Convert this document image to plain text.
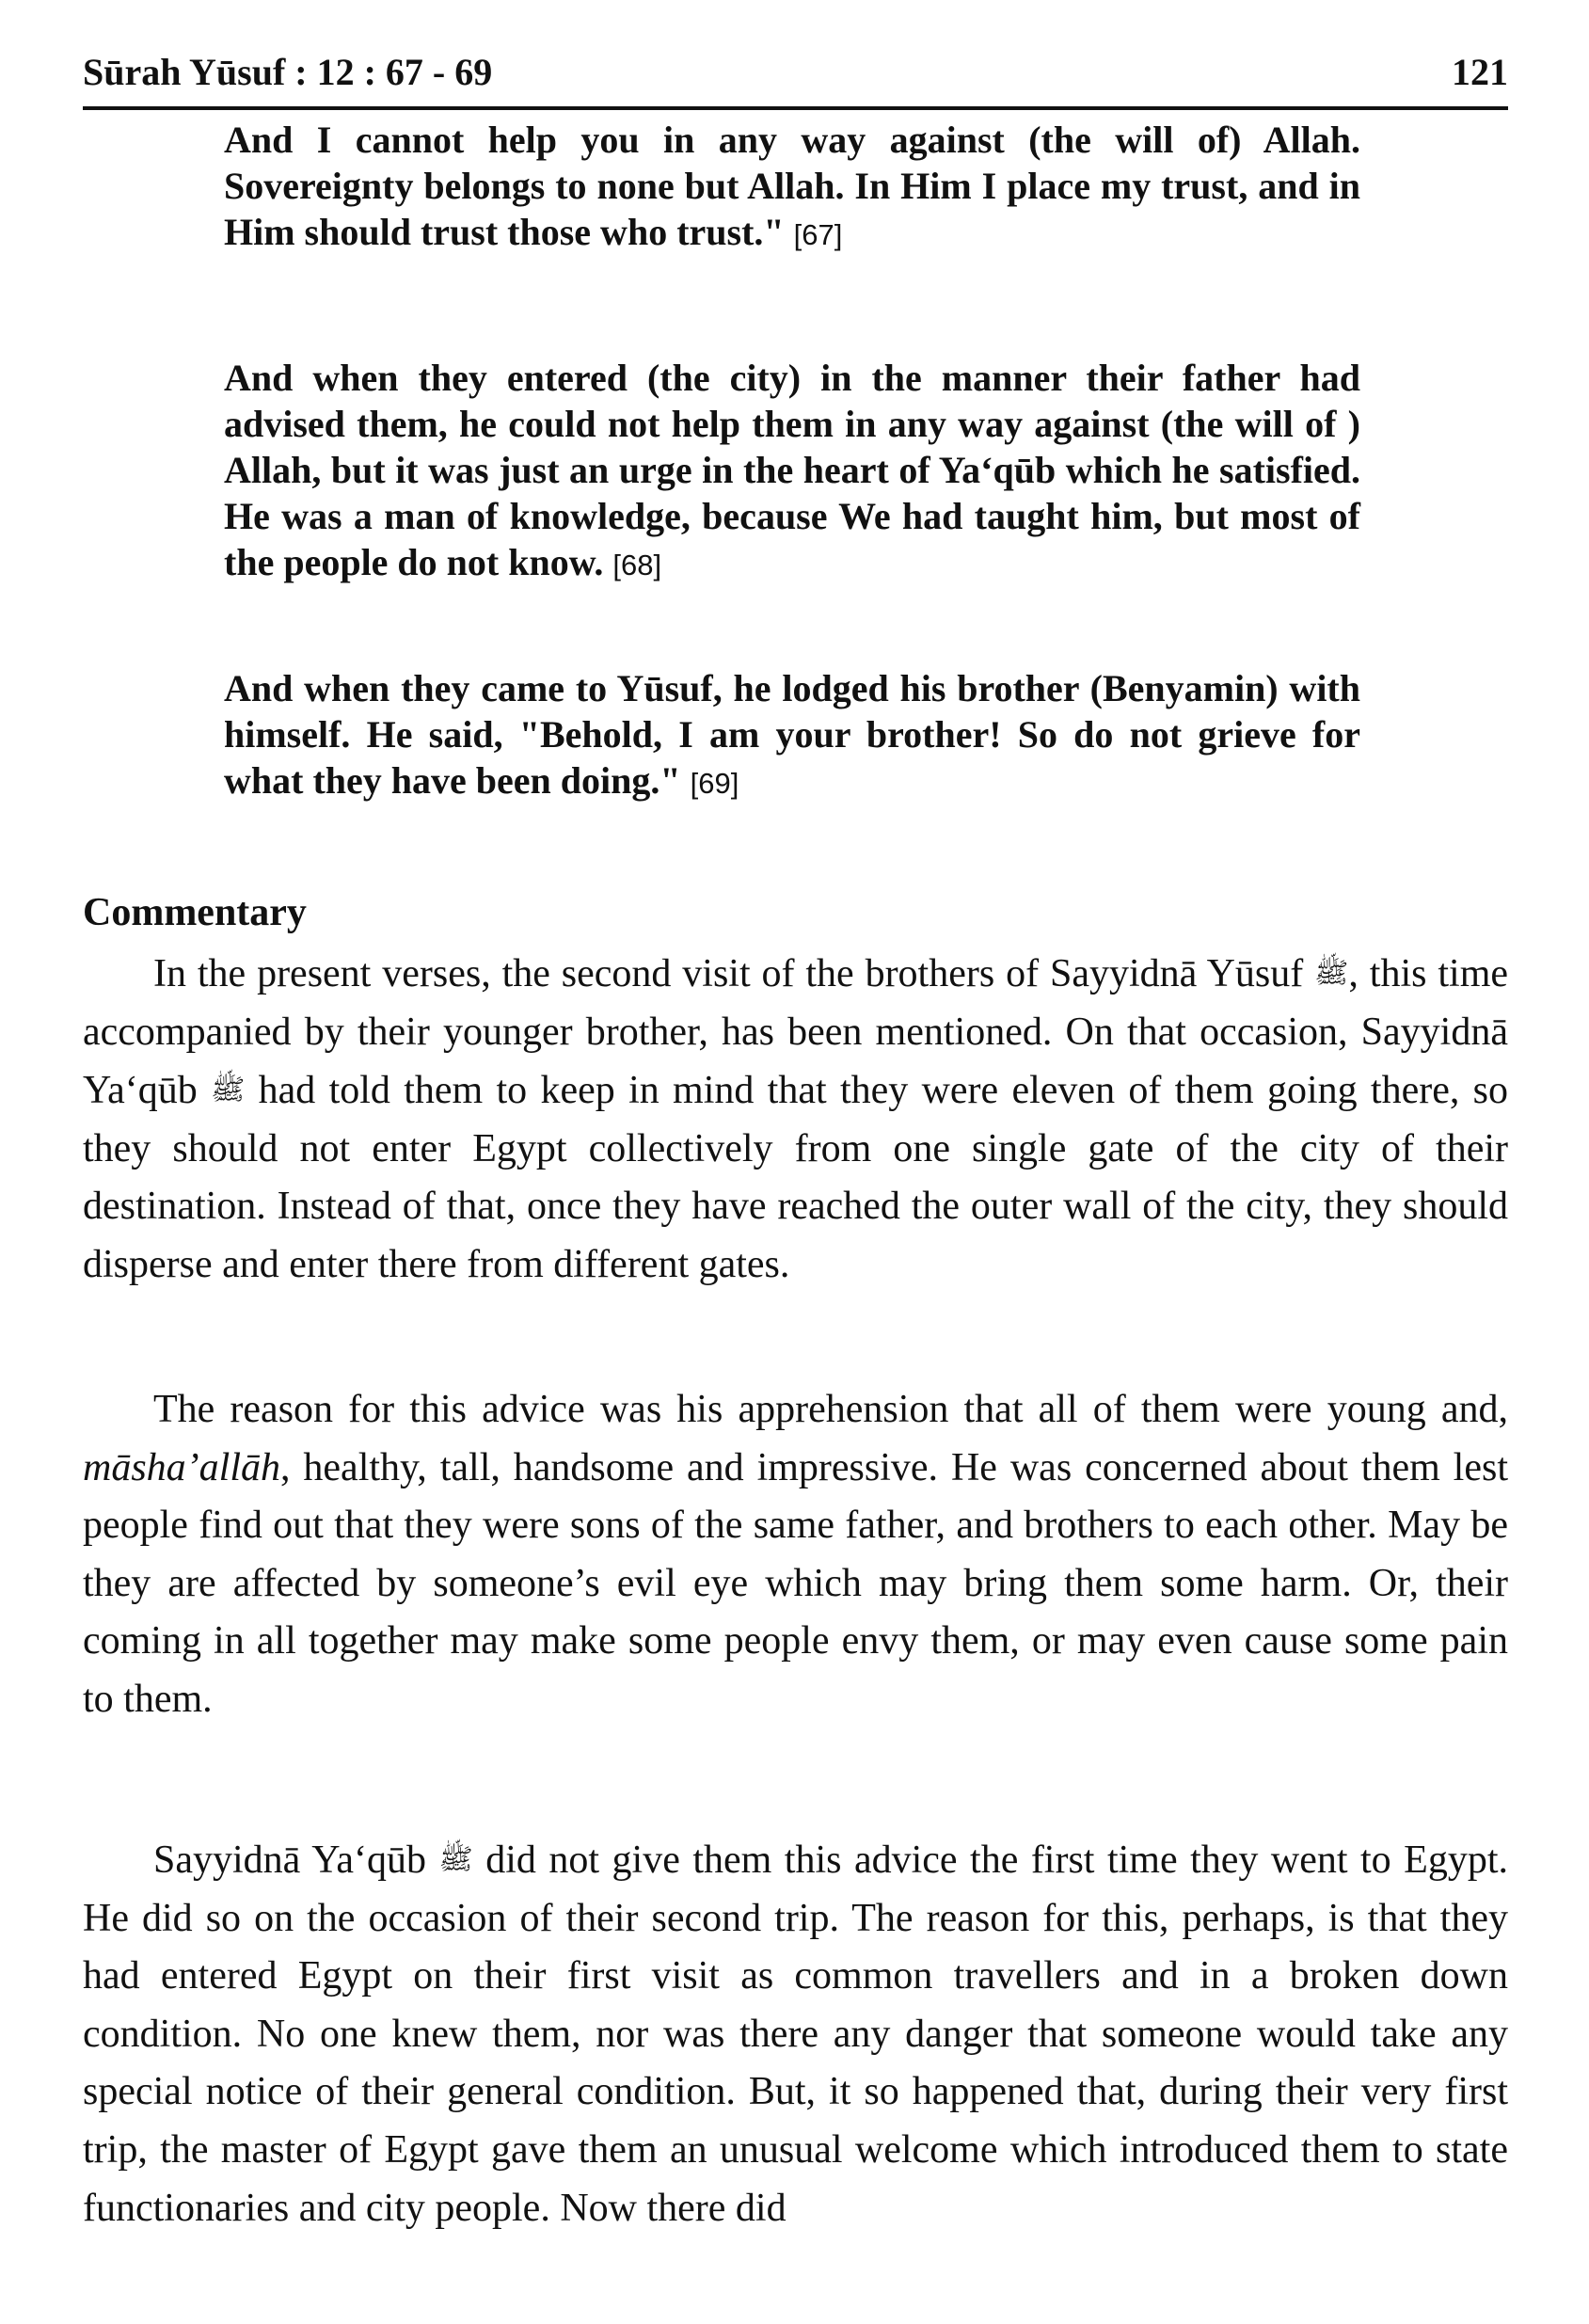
Sūrah Yūsuf : 12 : 67 - 69	121

And I cannot help you in any way against (the will of) Allah. Sovereignty belongs to none but Allah. In Him I place my trust, and in Him should trust those who trust." [67]

And when they entered (the city) in the manner their father had advised them, he could not help them in any way against (the will of ) Allah, but it was just an urge in the heart of Ya‘qūb which he satisfied. He was a man of knowledge, because We had taught him, but most of the people do not know. [68]

And when they came to Yūsuf, he lodged his brother (Benyamin) with himself. He said, "Behold, I am your brother! So do not grieve for what they have been doing." [69]

Commentary

In the present verses, the second visit of the brothers of Sayyidnā Yūsuf ﷺ, this time accompanied by their younger brother, has been mentioned. On that occasion, Sayyidnā Ya‘qūb ﷺ had told them to keep in mind that they were eleven of them going there, so they should not enter Egypt collectively from one single gate of the city of their destination. Instead of that, once they have reached the outer wall of the city, they should disperse and enter there from different gates.

The reason for this advice was his apprehension that all of them were young and, māsha’allāh, healthy, tall, handsome and impressive. He was concerned about them lest people find out that they were sons of the same father, and brothers to each other. May be they are affected by someone’s evil eye which may bring them some harm. Or, their coming in all together may make some people envy them, or may even cause some pain to them.

Sayyidnā Ya‘qūb ﷺ did not give them this advice the first time they went to Egypt. He did so on the occasion of their second trip. The reason for this, perhaps, is that they had entered Egypt on their first visit as common travellers and in a broken down condition. No one knew them, nor was there any danger that someone would take any special notice of their general condition. But, it so happened that, during their very first trip, the master of Egypt gave them an unusual welcome which introduced them to state functionaries and city people. Now there did
